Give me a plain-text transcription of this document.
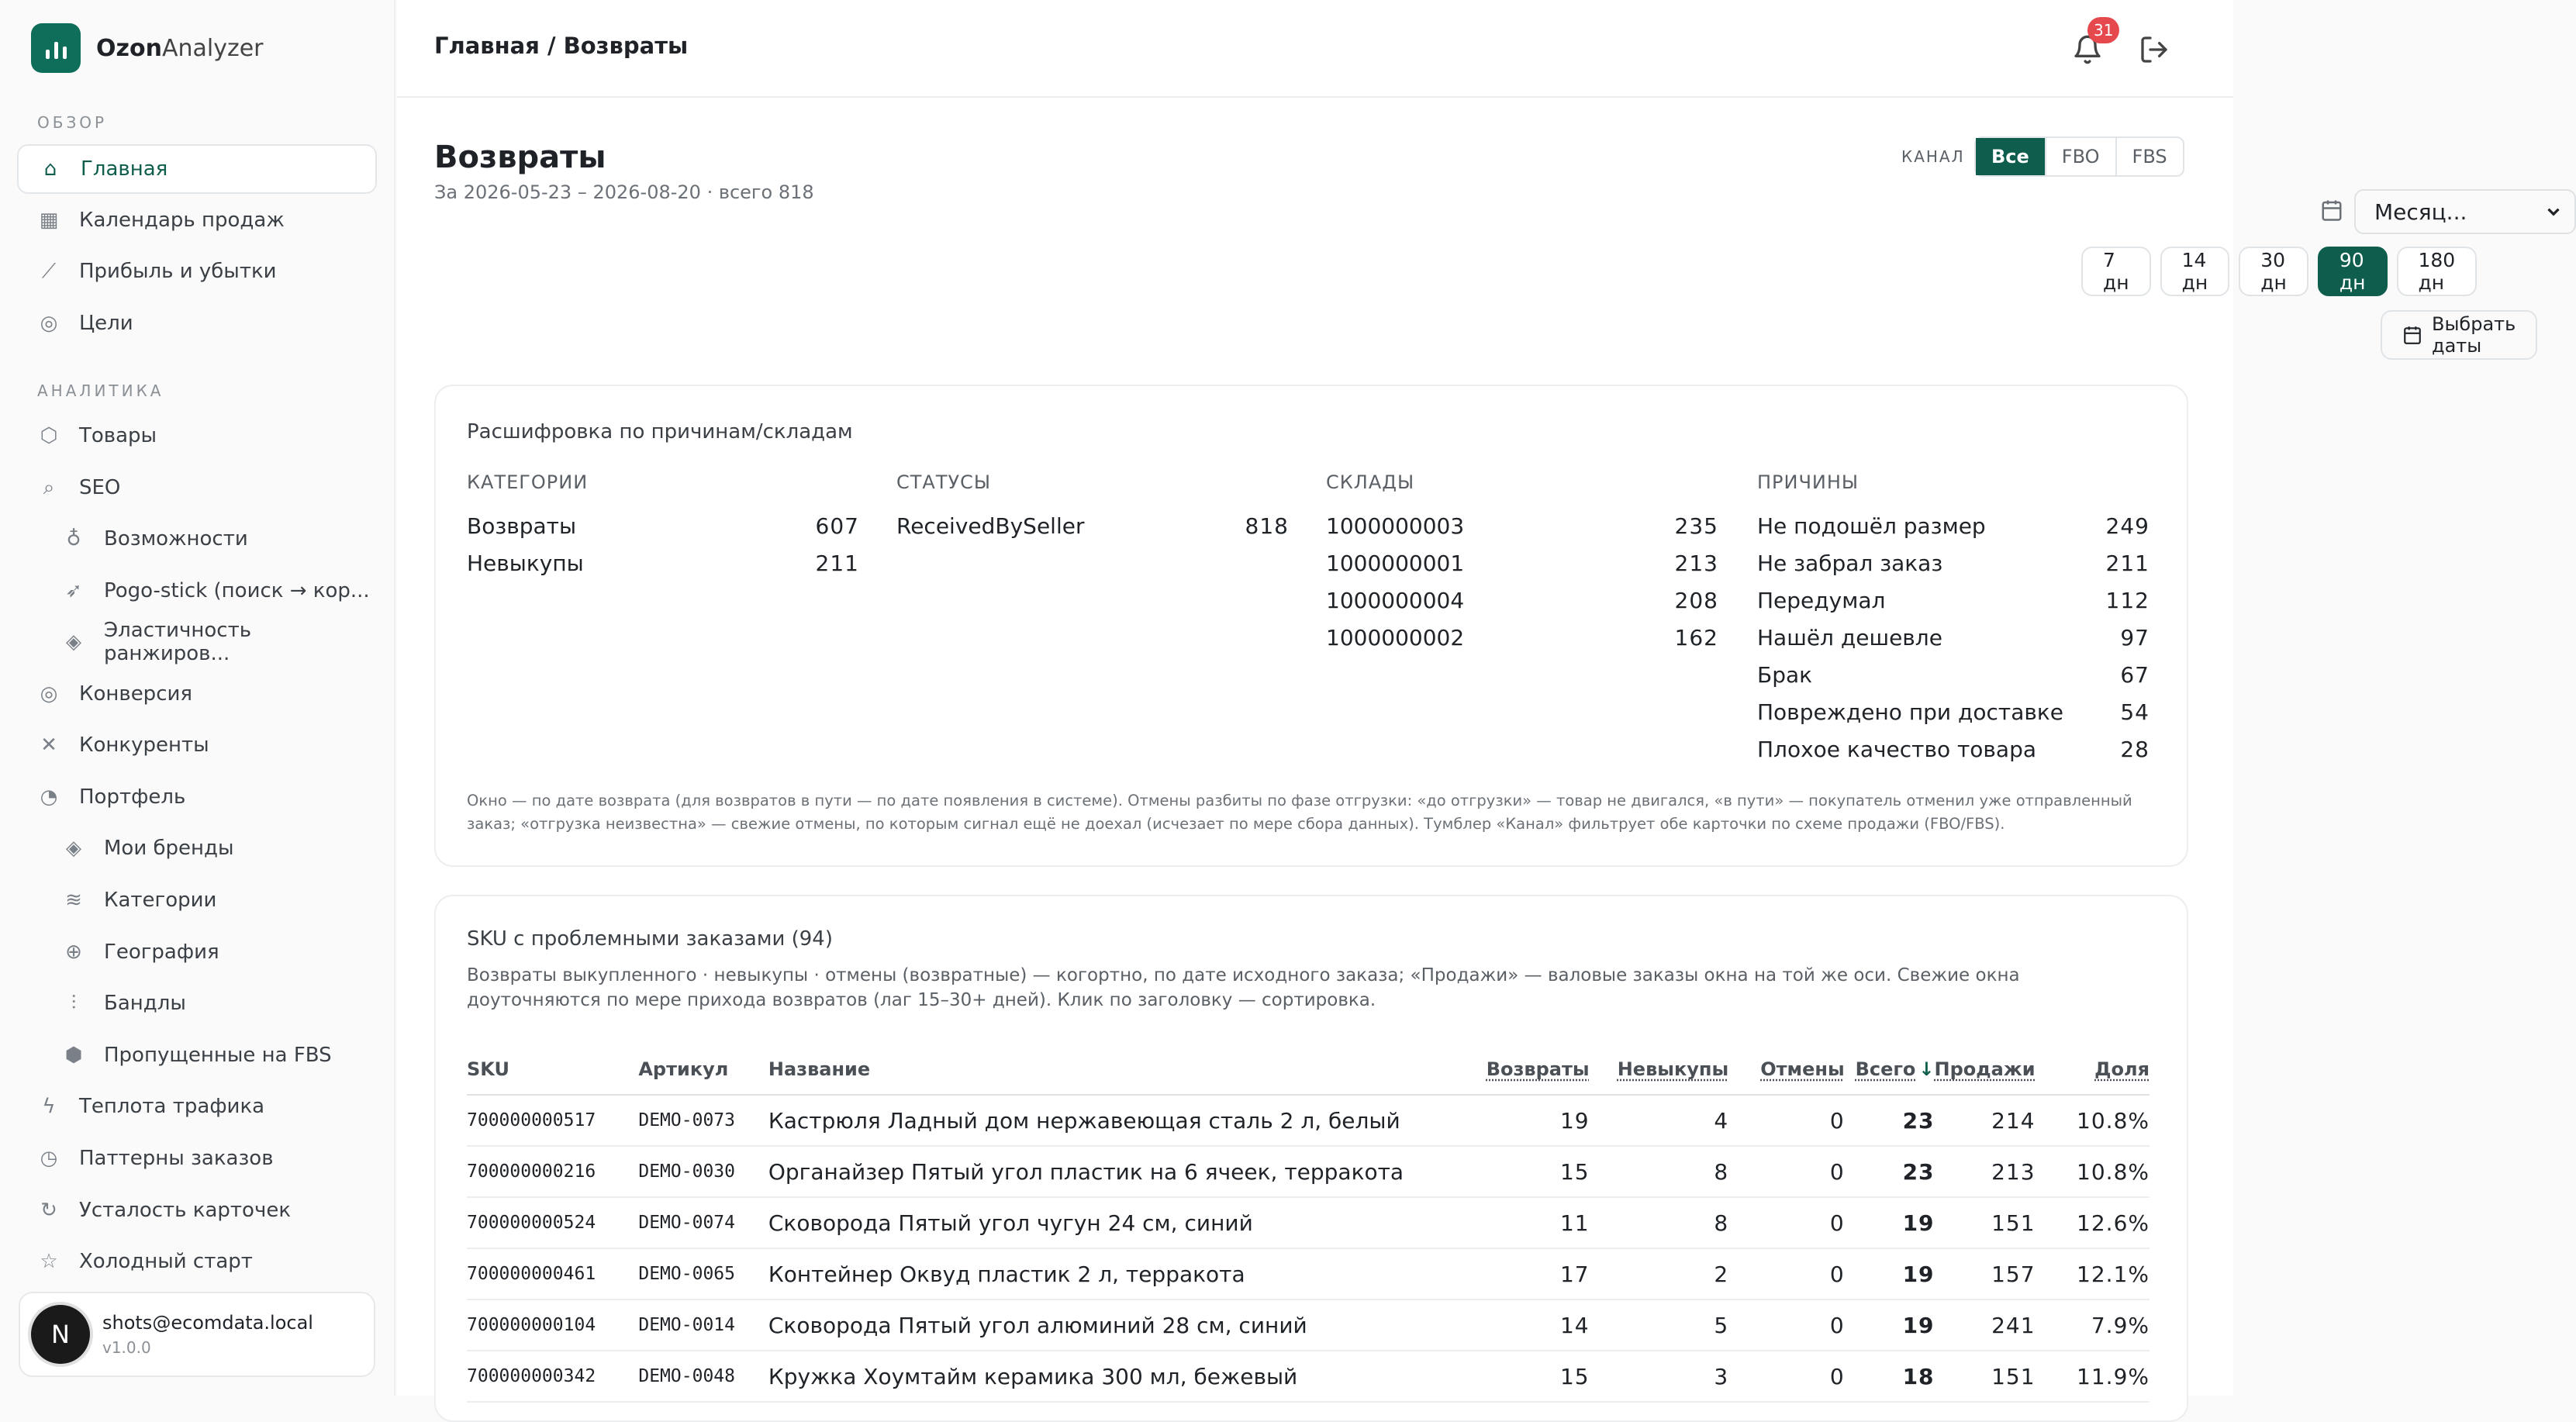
OzonAnalyzer
ОБЗОР
АНАЛИТИКА
⌂ Главная
▦ Календарь продаж
⟋ Прибыль и убытки
◎ Цели
⬡ Товары
⌕ SEO
♁ Возможности
➶ Pogo-stick (поиск → кор...
◈ Эластичность ранжиров...
◎ Конверсия
✕ Конкуренты
◔ Портфель
◈ Мои бренды
≋ Категории
⊕ География
⫶	Бандлы
⬢ Пропущенные на FBS
ϟ Теплота трафика
◷ Паттерны заказов
↻ Усталость карточек
☆ Холодный старт
N	shots@ecomdata.local
v1.0.0
Главная / Возвраты
31
Возвраты
За 2026-05-23 – 2026-08-20 · всего 818
КАНАЛ	Все	FBO	FBS
Месяц...
7 дн
14 дн
30 дн
90 дн
180 дн
Выбрать даты
Расшифровка по причинам/складам
КАТЕГОРИИ
Возвраты	607
Невыкупы	211
СТАТУСЫ
ReceivedBySeller	818
СКЛАДЫ
1000000003	235
1000000001	213
1000000004	208
1000000002	162
ПРИЧИНЫ
Не подошёл размер	249
Не забрал заказ	211
Передумал	112
Нашёл дешевле	97
Брак	67
Повреждено при доставке	54
Плохое качество товара	28
Окно — по дате возврата (для возвратов в пути — по дате появления в системе). Отмены разбиты по фазе отгрузки: «до отгрузки» — товар не двигался, «в пути» — покупатель отменил уже отправленный заказ; «отгрузка неизвестна» — свежие отмены, по которым сигнал ещё не доехал (исчезает по мере сбора данных). Тумблер «Канал» фильтрует обе карточки по схеме продажи (FBO/FBS).
SKU с проблемными заказами (94)
Возвраты выкупленного · невыкупы · отмены (возвратные) — когортно, по дате исходного заказа; «Продажи» — валовые заказы окна на той же оси. Свежие окна доуточняются по мере прихода возвратов (лаг 15–30+ дней). Клик по заголовку — сортировка.
SKU	Артикул	Название	Возвраты	Невыкупы	Отмены	Всего ↓	Продажи	Доля
700000000517	DEMO-0073	Кастрюля Ладный дом нержавеющая сталь 2 л, белый	19	4	0	23	214	10.8%
700000000216	DEMO-0030	Органайзер Пятый угол пластик на 6 ячеек, терракота	15	8	0	23	213	10.8%
700000000524	DEMO-0074	Сковорода Пятый угол чугун 24 см, синий	11	8	0	19	151	12.6%
700000000461	DEMO-0065	Контейнер Оквуд пластик 2 л, терракота	17	2	0	19	157	12.1%
700000000104	DEMO-0014	Сковорода Пятый угол алюминий 28 см, синий	14	5	0	19	241	7.9%
700000000342	DEMO-0048	Кружка Хоумтайм керамика 300 мл, бежевый	15	3	0	18	151	11.9%
